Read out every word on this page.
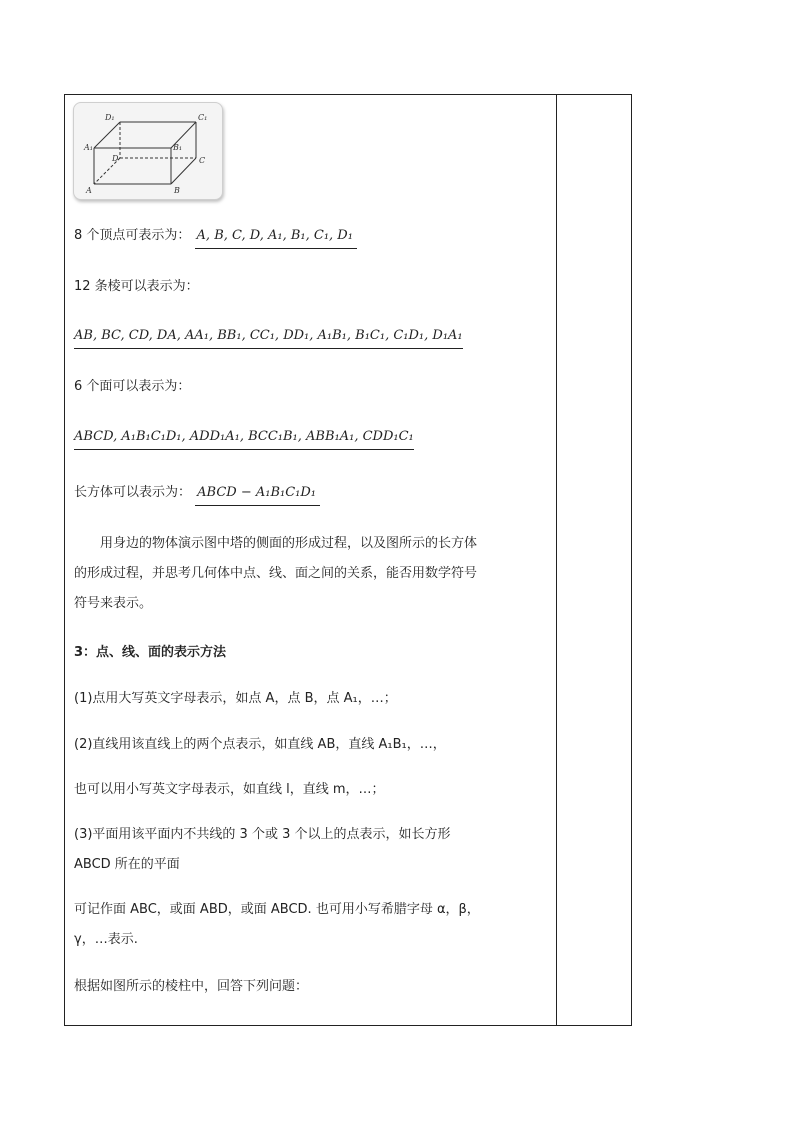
D₁	C₁
A₁	B₁
D	C
A	B
8 个顶点可表示为： A, B, C, D, A₁, B₁, C₁, D₁
12 条棱可以表示为：
AB, BC, CD, DA, AA₁, BB₁, CC₁, DD₁, A₁B₁, B₁C₁, C₁D₁, D₁A₁
6 个面可以表示为：
ABCD, A₁B₁C₁D₁, ADD₁A₁, BCC₁B₁, ABB₁A₁, CDD₁C₁
长方体可以表示为： ABCD − A₁B₁C₁D₁
用身边的物体演示图中塔的侧面的形成过程，以及图所示的长方体的形成过程，并思考几何体中点、线、面之间的关系，能否用数学符号符号来表示。
3：点、线、面的表示方法
(1)点用大写英文字母表示，如点 A，点 B，点 A₁，…；
(2)直线用该直线上的两个点表示，如直线 AB，直线 A₁B₁，…，
也可以用小写英文字母表示，如直线 l，直线 m，…；
(3)平面用该平面内不共线的 3 个或 3 个以上的点表示，如长方形 ABCD 所在的平面
可记作面 ABC，或面 ABD，或面 ABCD. 也可用小写希腊字母 α，β，γ，…表示.
根据如图所示的棱柱中，回答下列问题：
